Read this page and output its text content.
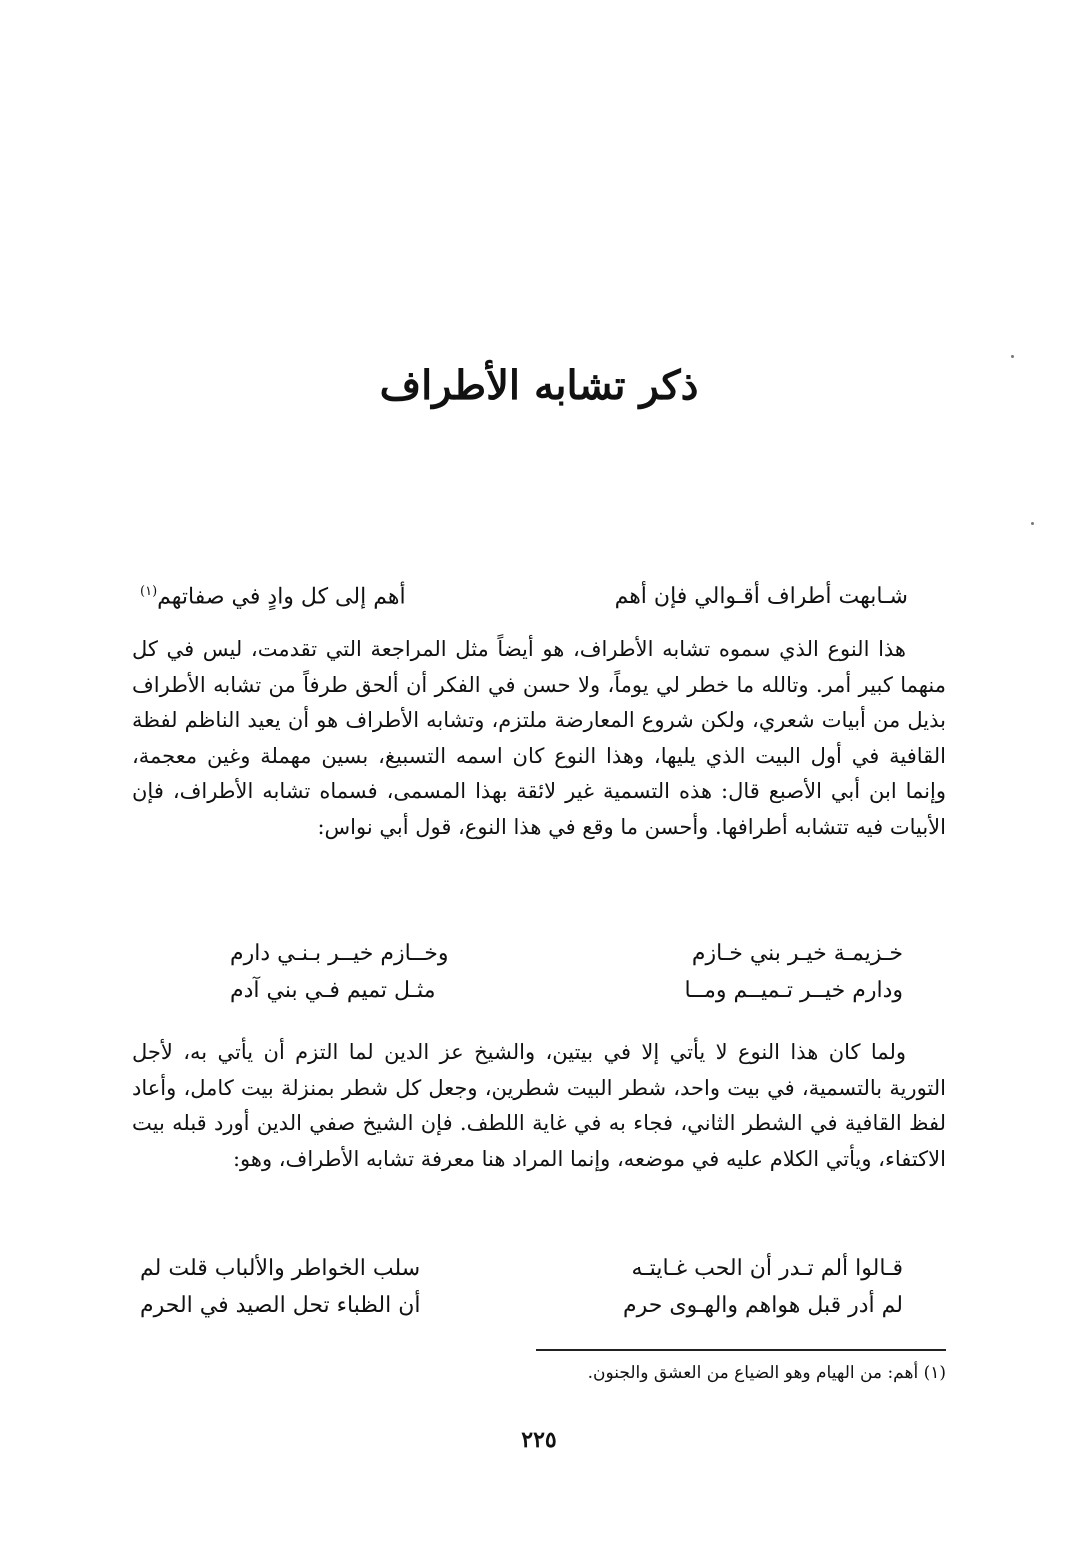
ذكر تشابه الأطراف
شـابهت أطراف أقـوالي فإن أهم
أهم إلى كل وادٍ في صفاتهم$^{(١)}$

هذا النوع الذي سموه تشابه الأطراف، هو أيضاً مثل المراجعة التي تقدمت، ليس في كل منهما كبير أمر. وتالله ما خطر لي يوماً، ولا حسن في الفكر أن ألحق طرفاً من تشابه الأطراف بذيل من أبيات شعري، ولكن شروع المعارضة ملتزم، وتشابه الأطراف هو أن يعيد الناظم لفظة القافية في أول البيت الذي يليها، وهذا النوع كان اسمه التسبيغ، بسين مهملة وغين معجمة، وإنما ابن أبي الأصبع قال: هذه التسمية غير لائقة بهذا المسمى، فسماه تشابه الأطراف، فإن الأبيات فيه تتشابه أطرافها. وأحسن ما وقع في هذا النوع، قول أبي نواس:

خـزيمـة خيـر بني خـازم
وخــازم خيــر بـنـي دارم
ودارم خيــر تـميــم ومــا
مثـل تميم فـي بني آدم

ولما كان هذا النوع لا يأتي إلا في بيتين، والشيخ عز الدين لما التزم أن يأتي به، لأجل التورية بالتسمية، في بيت واحد، شطر البيت شطرين، وجعل كل شطر بمنزلة بيت كامل، وأعاد لفظ القافية في الشطر الثاني، فجاء به في غاية اللطف. فإن الشيخ صفي الدين أورد قبله بيت الاكتفاء، ويأتي الكلام عليه في موضعه، وإنما المراد هنا معرفة تشابه الأطراف، وهو:

قـالوا ألم تـدر أن الحب غـايتـه
سلب الخواطر والألباب قلت لم
لم أدر قبل هواهم والهـوى حرم
أن الظباء تحل الصيد في الحرم
(١) أهم: من الهيام وهو الضياع من العشق والجنون.
٢٢٥
